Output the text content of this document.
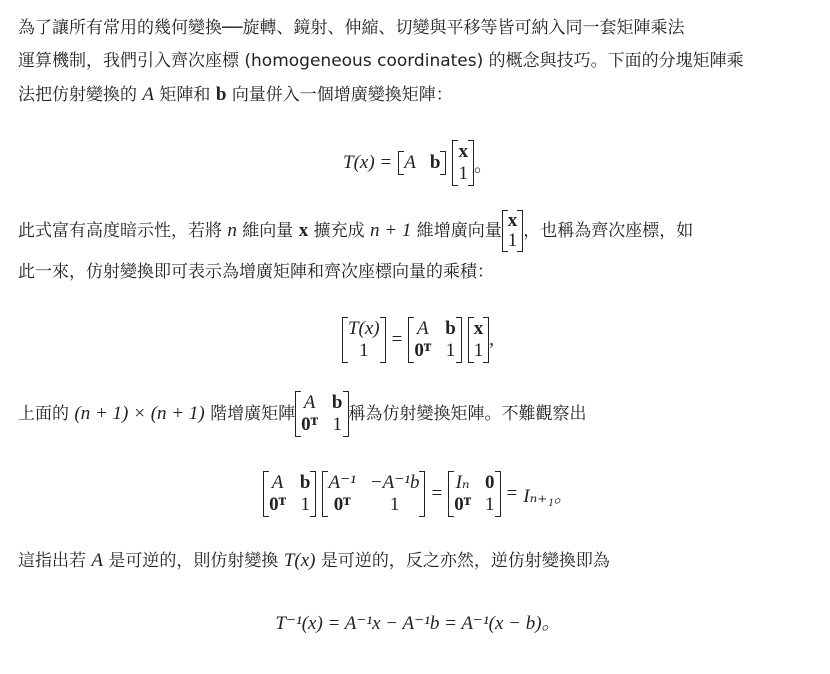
為了讓所有常用的幾何變換──旋轉、鏡射、伸縮、切變與平移等皆可納入同一套矩陣乘法
運算機制，我們引入齊次座標 (homogeneous coordinates) 的概念與技巧。下面的分塊矩陣乘
法把仿射變換的 A 矩陣和 b 向量併入一個增廣變換矩陣：

T(x) = A b
x
1 。

此式富有高度暗示性，若將 n 維向量 x 擴充成 n + 1 維增廣向量 x
1 ，也稱為齊次座標，如
此一來，仿射變換即可表示為增廣矩陣和齊次座標向量的乘積：

T(x)
1
=
A b
0ᵀ 1
x
1
,

上面的 (n + 1) × (n + 1) 階增廣矩陣
A b
0ᵀ 1 稱為仿射變換矩陣。不難觀察出

A b
0ᵀ 1
A⁻¹ −A⁻¹b
0ᵀ	1
=
Iₙ 0
0ᵀ 1
= Iₙ₊₁。

這指出若 A 是可逆的，則仿射變換 T(x) 是可逆的，反之亦然，逆仿射變換即為

T⁻¹(x) = A⁻¹x − A⁻¹b = A⁻¹(x − b)。
